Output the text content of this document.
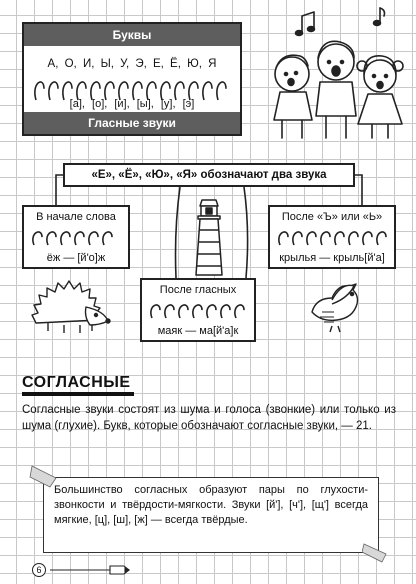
Буквы
А, О, И, Ы, У, Э, Е, Ё, Ю, Я
[а], [о], [и], [ы], [у], [э]
Гласные звуки
«Е», «Ё», «Ю», «Я» обозначают два звука
В начале слова
ёж — [й'о]ж
После «Ъ» или «Ь»
крылья — крыль[й'а]
После гласных
маяк — ма[й'а]к
СОГЛАСНЫЕ
Согласные звуки состоят из шума и голоса (звонкие) или только из шума (глухие). Букв, которые обозначают согласные звуки, — 21.
Большинство согласных образуют пары по глухости-звонкости и твёрдости-мягкости. Звуки [й'], [ч'], [щ'] всегда мягкие, [ц], [ш], [ж] — всегда твёрдые.
6
